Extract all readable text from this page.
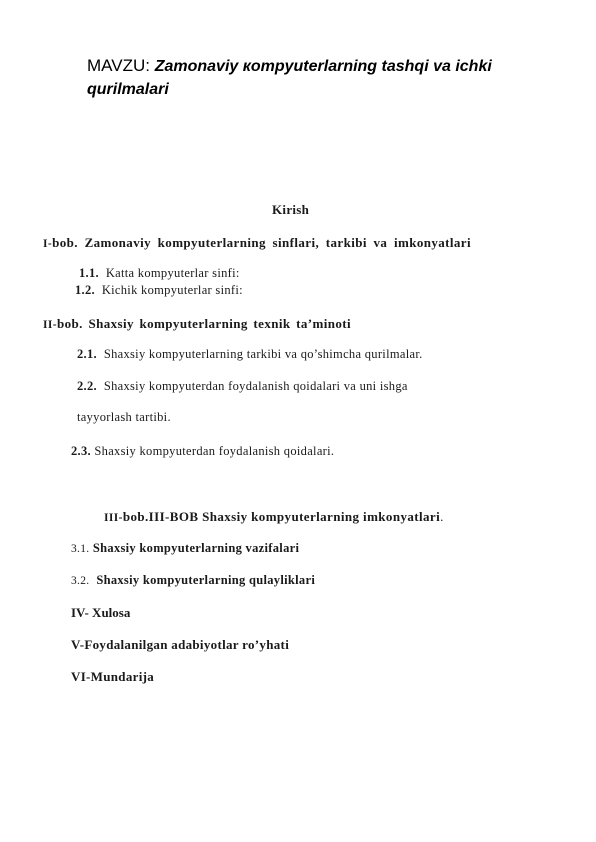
MAVZU: Zamonaviy кompyuterlarning tashqi va ichki qurilmalari
Kirish
I-bob. Zamonaviy kompyuterlarning sinflari, tarkibi va imkonyatlari
1.1. Katta kompyuterlar sinfi:
1.2. Kichik kompyuterlar sinfi:
II-bob. Shaxsiy kompyuterlarning texnik ta’minoti
2.1. Shaxsiy kompyuterlarning tarkibi va qo’shimcha qurilmalar.
2.2. Shaxsiy kompyuterdan foydalanish qoidalari va uni ishga
tayyorlash tartibi.
2.3. Shaxsiy kompyuterdan foydalanish qoidalari.
III-bob.III-BOB Shaxsiy kompyuterlarning imkonyatlari.
3.1. Shaxsiy kompyuterlarning vazifalari
3.2. Shaxsiy kompyuterlarning qulayliklari
IV- Xulosa
V-Foydalanilgan adabiyotlar ro’yhati
VI-Mundarija
